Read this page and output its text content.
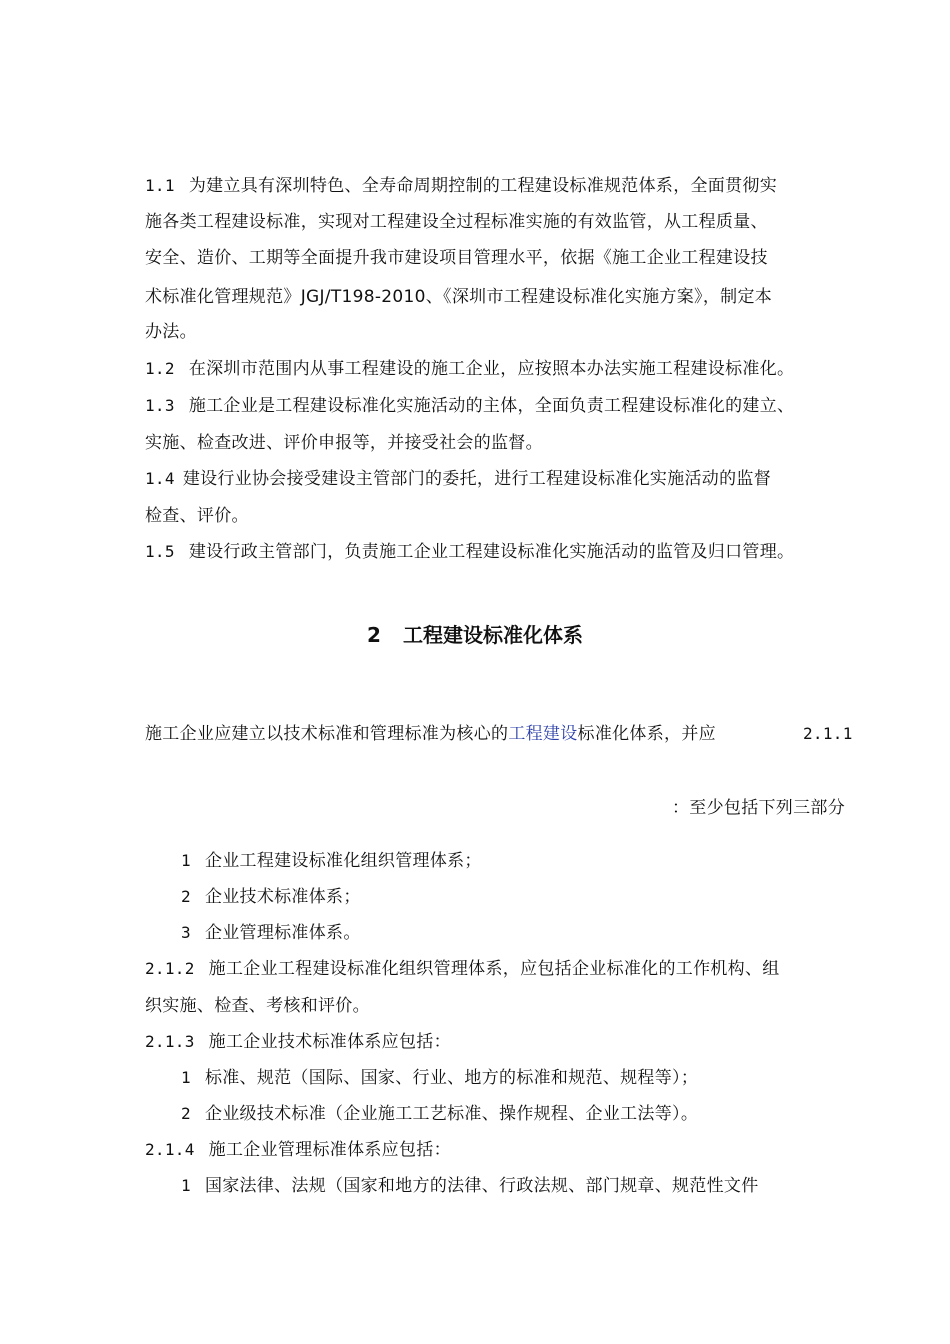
1.1 为建立具有深圳特色、全寿命周期控制的工程建设标准规范体系，全面贯彻实
施各类工程建设标准，实现对工程建设全过程标准实施的有效监管，从工程质量、
安全、造价、工期等全面提升我市建设项目管理水平，依据《施工企业工程建设技
术标准化管理规范》JGJ/T198-2010、《深圳市工程建设标准化实施方案》，制定本
办法。
1.2 在深圳市范围内从事工程建设的施工企业，应按照本办法实施工程建设标准化。
1.3 施工企业是工程建设标准化实施活动的主体，全面负责工程建设标准化的建立、
实施、检查改进、评价申报等，并接受社会的监督。
1.4 建设行业协会接受建设主管部门的委托，进行工程建设标准化实施活动的监督
检查、评价。
1.5 建设行政主管部门，负责施工企业工程建设标准化实施活动的监管及归口管理。
2 工程建设标准化体系
施工企业应建立以技术标准和管理标准为核心的工程建设标准化体系，并应	2.1.1
：至少包括下列三部分
1 企业工程建设标准化组织管理体系；
2 企业技术标准体系；
3 企业管理标准体系。
2.1.2 施工企业工程建设标准化组织管理体系，应包括企业标准化的工作机构、组
织实施、检查、考核和评价。
2.1.3 施工企业技术标准体系应包括：
1 标准、规范（国际、国家、行业、地方的标准和规范、规程等）；
2 企业级技术标准（企业施工工艺标准、操作规程、企业工法等）。
2.1.4 施工企业管理标准体系应包括：
1 国家法律、法规（国家和地方的法律、行政法规、部门规章、规范性文件
